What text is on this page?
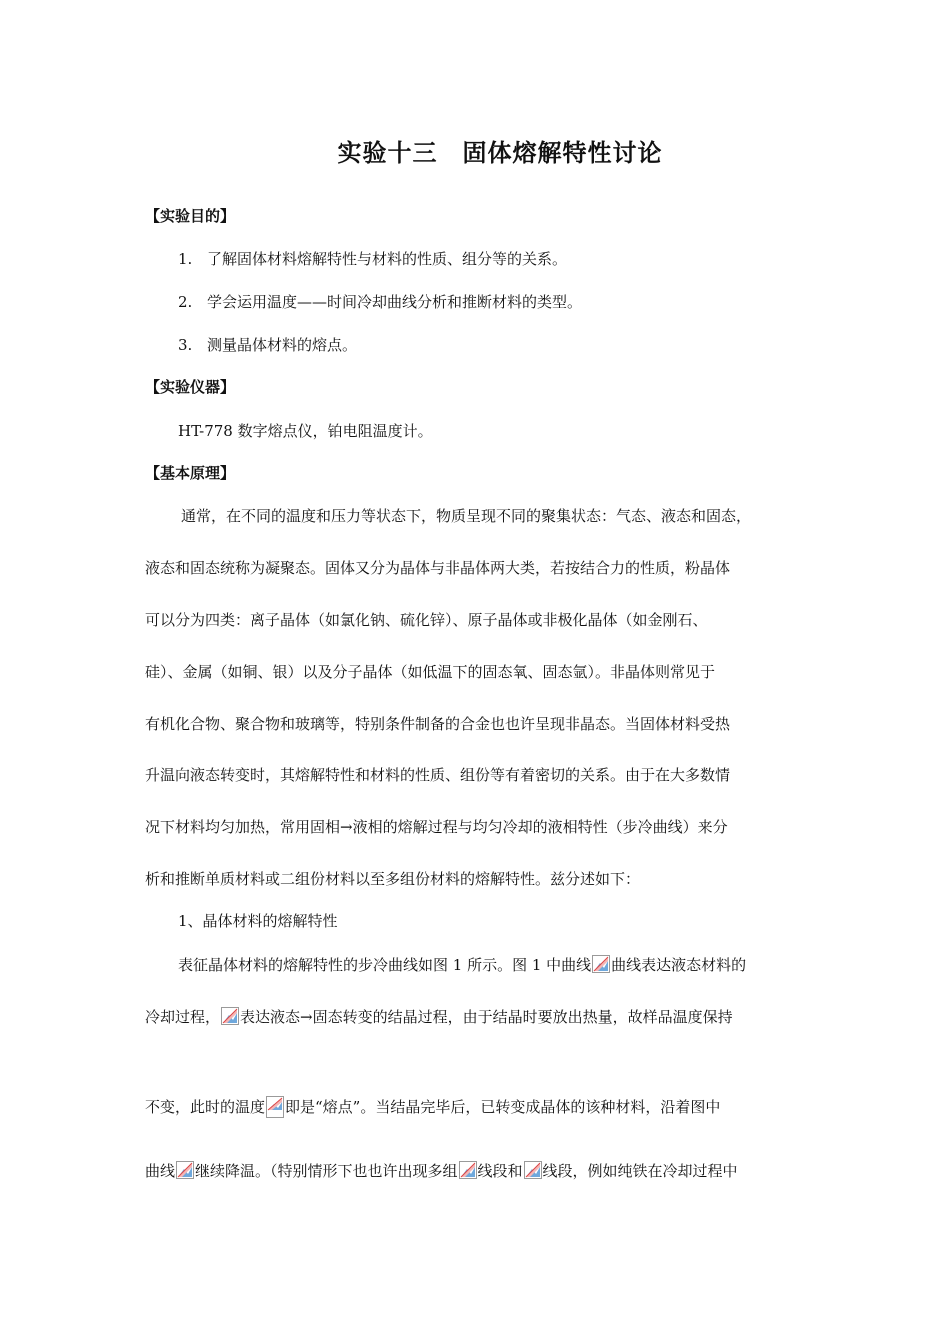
实验十三　固体熔解特性讨论
【实验目的】
1. 了解固体材料熔解特性与材料的性质、组分等的关系。
2. 学会运用温度——时间冷却曲线分析和推断材料的类型。
3. 测量晶体材料的熔点。
【实验仪器】
HT-778 数字熔点仪，铂电阻温度计。
【基本原理】
通常，在不同的温度和压力等状态下，物质呈现不同的聚集状态：气态、液态和固态，
液态和固态统称为凝聚态。固体又分为晶体与非晶体两大类，若按结合力的性质，粉晶体
可以分为四类：离子晶体（如氯化钠、硫化锌）、原子晶体或非极化晶体（如金刚石、
硅）、金属（如铜、银）以及分子晶体（如低温下的固态氧、固态氩）。非晶体则常见于
有机化合物、聚合物和玻璃等，特别条件制备的合金也也许呈现非晶态。当固体材料受热
升温向液态转变时，其熔解特性和材料的性质、组份等有着密切的关系。由于在大多数情
况下材料均匀加热，常用固相→液相的熔解过程与均匀冷却的液相特性（步冷曲线）来分
析和推断单质材料或二组份材料以至多组份材料的熔解特性。兹分述如下：
1、晶体材料的熔解特性
表征晶体材料的熔解特性的步冷曲线如图 1 所示。图 1 中曲线 曲线表达液态材料的
冷却过程， 表达液态→固态转变的结晶过程，由于结晶时要放出热量，故样品温度保持
不变，此时的温度 即是“熔点”。当结晶完毕后，已转变成晶体的该种材料，沿着图中
曲线 继续降温。（特别情形下也也许出现多组 线段和 线段，例如纯铁在冷却过程中
